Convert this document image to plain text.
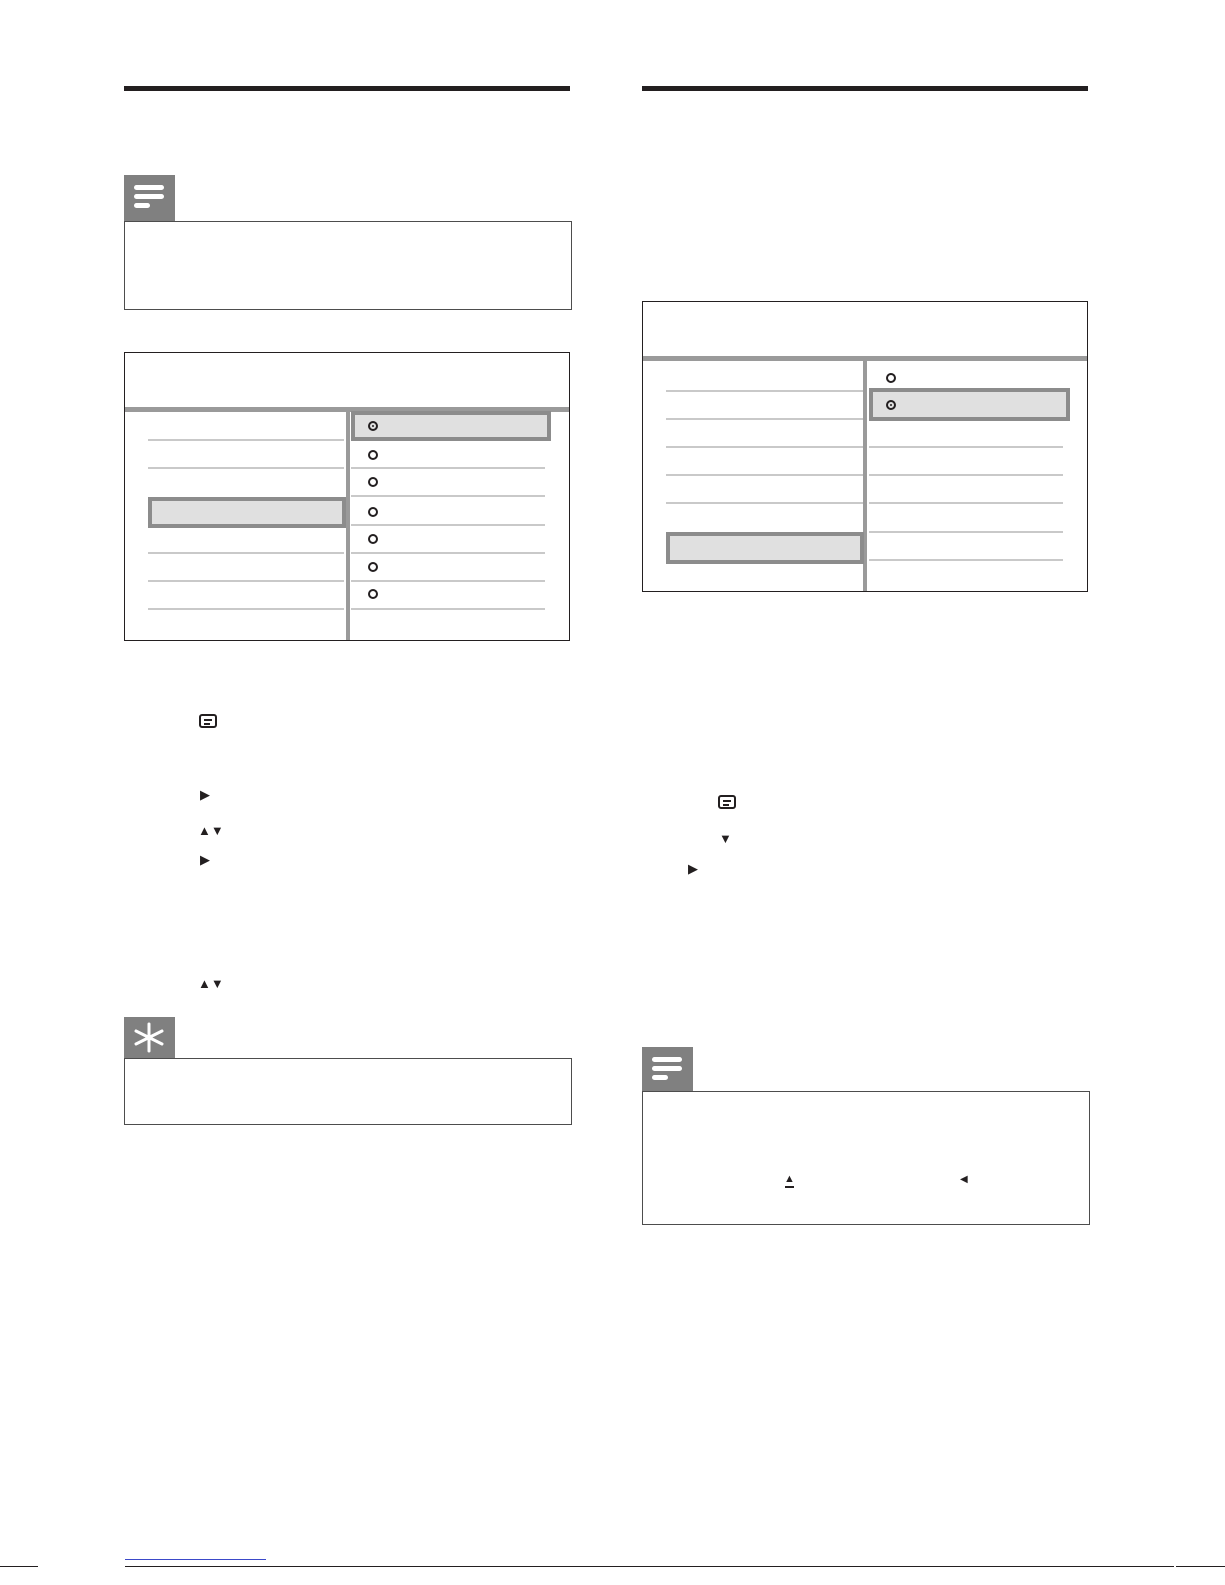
▶
▲▼
▶
▲▼
▼
▶
▲	◀
